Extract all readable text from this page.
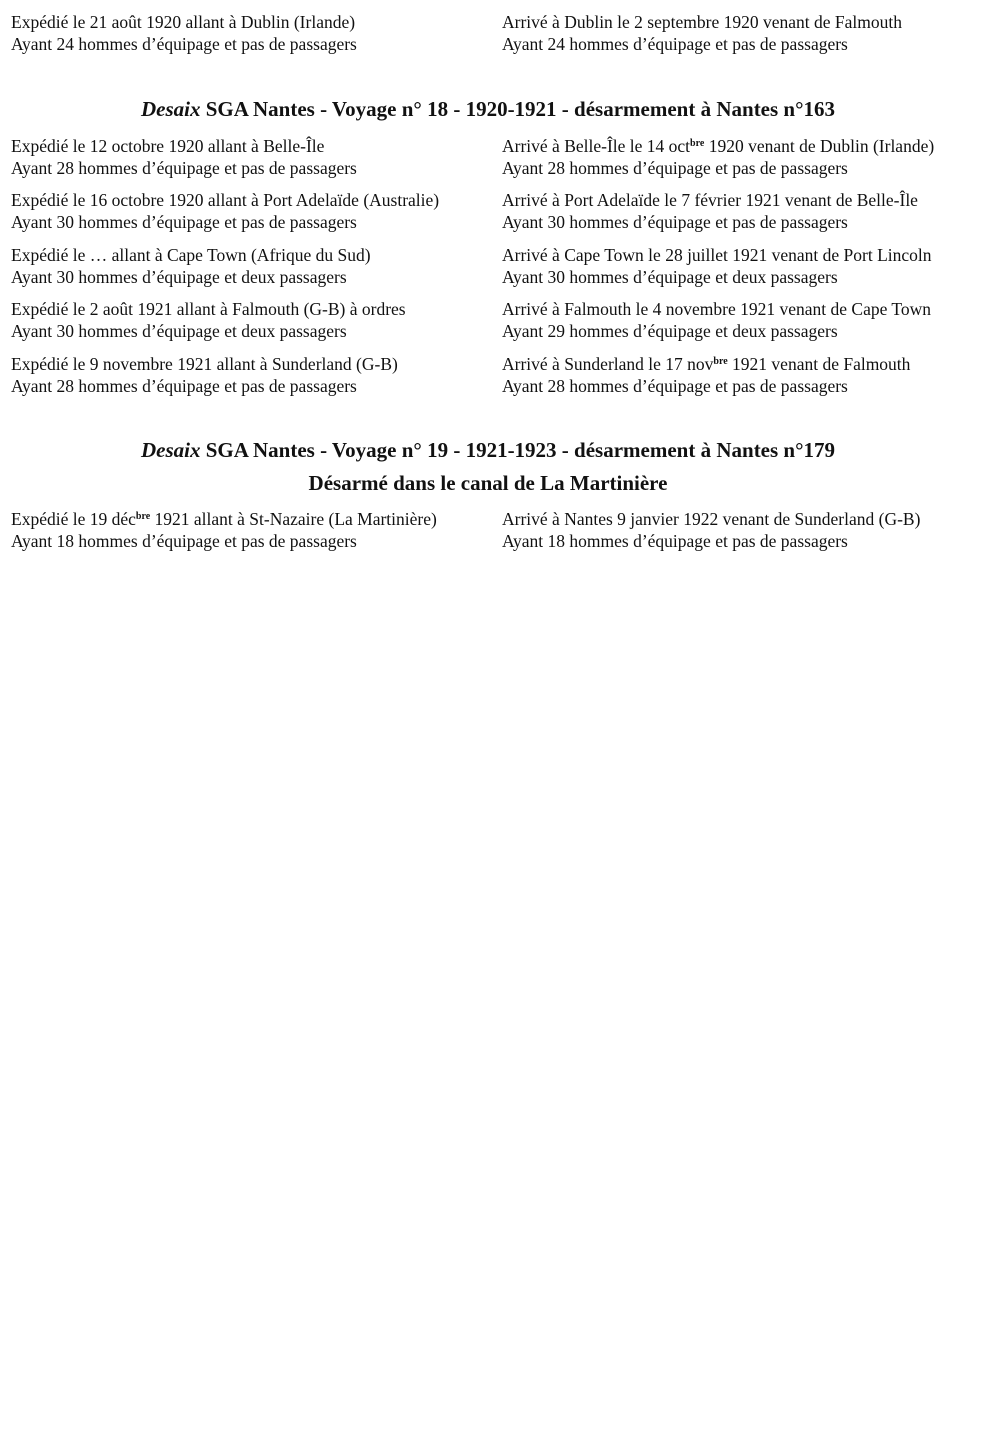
Expédié le 21 août 1920 allant à Dublin (Irlande)
Ayant 24 hommes d’équipage et pas de passagers
Arrivé à Dublin le 2 septembre 1920 venant de Falmouth
Ayant 24 hommes d’équipage et pas de passagers
Desaix SGA Nantes - Voyage n° 18 - 1920-1921 - désarmement à Nantes n°163
Expédié le 12 octobre 1920 allant à Belle-Île
Ayant 28 hommes d’équipage et pas de passagers
Arrivé à Belle-Île le 14 oct$^{bre}$ 1920 venant de Dublin (Irlande)
Ayant 28 hommes d’équipage et pas de passagers
Expédié le 16 octobre 1920 allant à Port Adelaïde (Australie)
Ayant 30 hommes d’équipage et pas de passagers
Arrivé à Port Adelaïde le 7 février 1921 venant de Belle-Île
Ayant 30 hommes d’équipage et pas de passagers
Expédié le … allant à Cape Town (Afrique du Sud)
Ayant 30 hommes d’équipage et deux passagers
Arrivé à Cape Town le 28 juillet 1921 venant de Port Lincoln
Ayant 30 hommes d’équipage et deux passagers
Expédié le 2 août 1921 allant à Falmouth (G-B) à ordres
Ayant 30 hommes d’équipage et deux passagers
Arrivé à Falmouth le 4 novembre 1921 venant de Cape Town
Ayant 29 hommes d’équipage et deux passagers
Expédié le 9 novembre 1921 allant à Sunderland (G-B)
Ayant 28 hommes d’équipage et pas de passagers
Arrivé à Sunderland le 17 nov$^{bre}$ 1921 venant de Falmouth
Ayant 28 hommes d’équipage et pas de passagers
Desaix SGA Nantes - Voyage n° 19 - 1921-1923 - désarmement à Nantes n°179
Désarmé dans le canal de La Martinière
Expédié le 19 déc$^{bre}$ 1921 allant à St-Nazaire (La Martinière)
Ayant 18 hommes d’équipage et pas de passagers
Arrivé à Nantes 9 janvier 1922 venant de Sunderland (G-B)
Ayant 18 hommes d’équipage et pas de passagers
